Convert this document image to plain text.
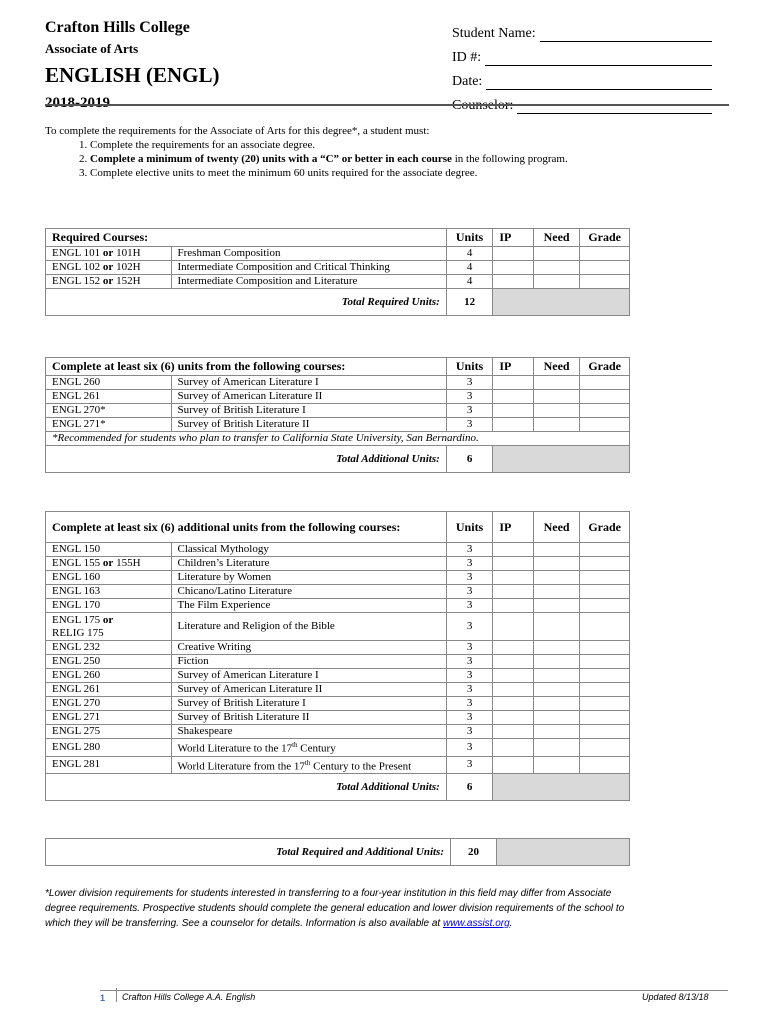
Crafton Hills College
Associate of Arts
ENGLISH (ENGL)
2018-2019
Student Name:
ID #:
Date:
Counselor:
To complete the requirements for the Associate of Arts for this degree*, a student must:
1. Complete the requirements for an associate degree.
2. Complete a minimum of twenty (20) units with a “C” or better in each course in the following program.
3. Complete elective units to meet the minimum 60 units required for the associate degree.
Required Courses:		Units	IP	Need	Grade
ENGL 101 or 101H	Freshman Composition	4			
ENGL 102 or 102H	Intermediate Composition and Critical Thinking	4			
ENGL 152 or 152H	Intermediate Composition and Literature	4			
Total Required Units:		12			
Complete at least six (6) units from the following courses:		Units	IP	Need	Grade
ENGL 260	Survey of American Literature I	3			
ENGL 261	Survey of American Literature II	3			
ENGL 270*	Survey of British Literature I	3			
ENGL 271*	Survey of British Literature II	3			
*Recommended for students who plan to transfer to California State University, San Bernardino.					
Total Additional Units:		6			
Complete at least six (6) additional units from the following courses:		Units	IP	Need	Grade
ENGL 150	Classical Mythology	3			
ENGL 155 or 155H	Children’s Literature	3			
ENGL 160	Literature by Women	3			
ENGL 163	Chicano/Latino Literature	3			
ENGL 170	The Film Experience	3			
ENGL 175 or
RELIG 175	Literature and Religion of the Bible	3			
ENGL 232	Creative Writing	3			
ENGL 250	Fiction	3			
ENGL 260	Survey of American Literature I	3			
ENGL 261	Survey of American Literature II	3			
ENGL 270	Survey of British Literature I	3			
ENGL 271	Survey of British Literature II	3			
ENGL 275	Shakespeare	3			
ENGL 280	World Literature to the 17th Century	3			
ENGL 281	World Literature from the 17th Century to the Present	3			
Total Additional Units:		6			
Total Required and Additional Units:	20	
*Lower division requirements for students interested in transferring to a four-year institution in this field may differ from Associate degree requirements. Prospective students should complete the general education and lower division requirements of the school to which they will be transferring. See a counselor for details. Information is also available at www.assist.org.
1 Crafton Hills College A.A. English	Updated 8/13/18
